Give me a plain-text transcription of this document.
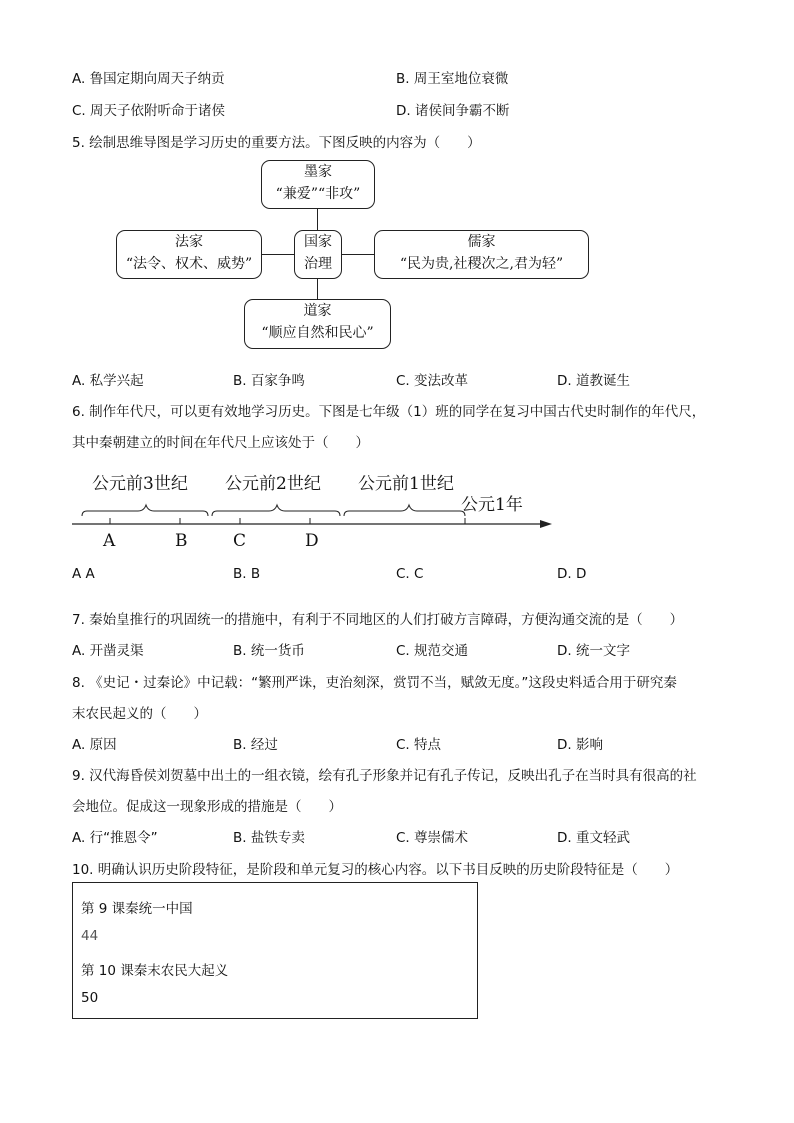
A. 鲁国定期向周天子纳贡	B. 周王室地位衰微
C. 周天子依附听命于诸侯	D. 诸侯间争霸不断
5. 绘制思维导图是学习历史的重要方法。下图反映的内容为（　　）
墨家
“兼爱”“非攻”
法家
“法令、权术、威势”
国家
治理
儒家
“民为贵,社稷次之,君为轻”
道家
“顺应自然和民心”
A. 私学兴起	B. 百家争鸣	C. 变法改革	D. 道教诞生
6. 制作年代尺，可以更有效地学习历史。下图是七年级（1）班的同学在复习中国古代史时制作的年代尺，
其中秦朝建立的时间在年代尺上应该处于（　　）
公元前3世纪 公元前2世纪 公元前1世纪
公元1年
A	B	C	D
A A	B. B	C. C	D. D
7. 秦始皇推行的巩固统一的措施中，有利于不同地区的人们打破方言障碍，方便沟通交流的是（　　）
A. 开凿灵渠	B. 统一货币	C. 规范交通	D. 统一文字
8. 《史记・过秦论》中记载：“繁刑严诛，吏治刻深，赏罚不当，赋敛无度。”这段史料适合用于研究秦
末农民起义的（　　）
A. 原因	B. 经过	C. 特点	D. 影响
9. 汉代海昏侯刘贺墓中出土的一组衣镜，绘有孔子形象并记有孔子传记，反映出孔子在当时具有很高的社
会地位。促成这一现象形成的措施是（　　）
A. 行“推恩令”	B. 盐铁专卖	C. 尊崇儒术	D. 重文轻武
10. 明确认识历史阶段特征，是阶段和单元复习的核心内容。以下书目反映的历史阶段特征是（　　）
第 9 课秦统一中国
44
第 10 课秦末农民大起义
50
